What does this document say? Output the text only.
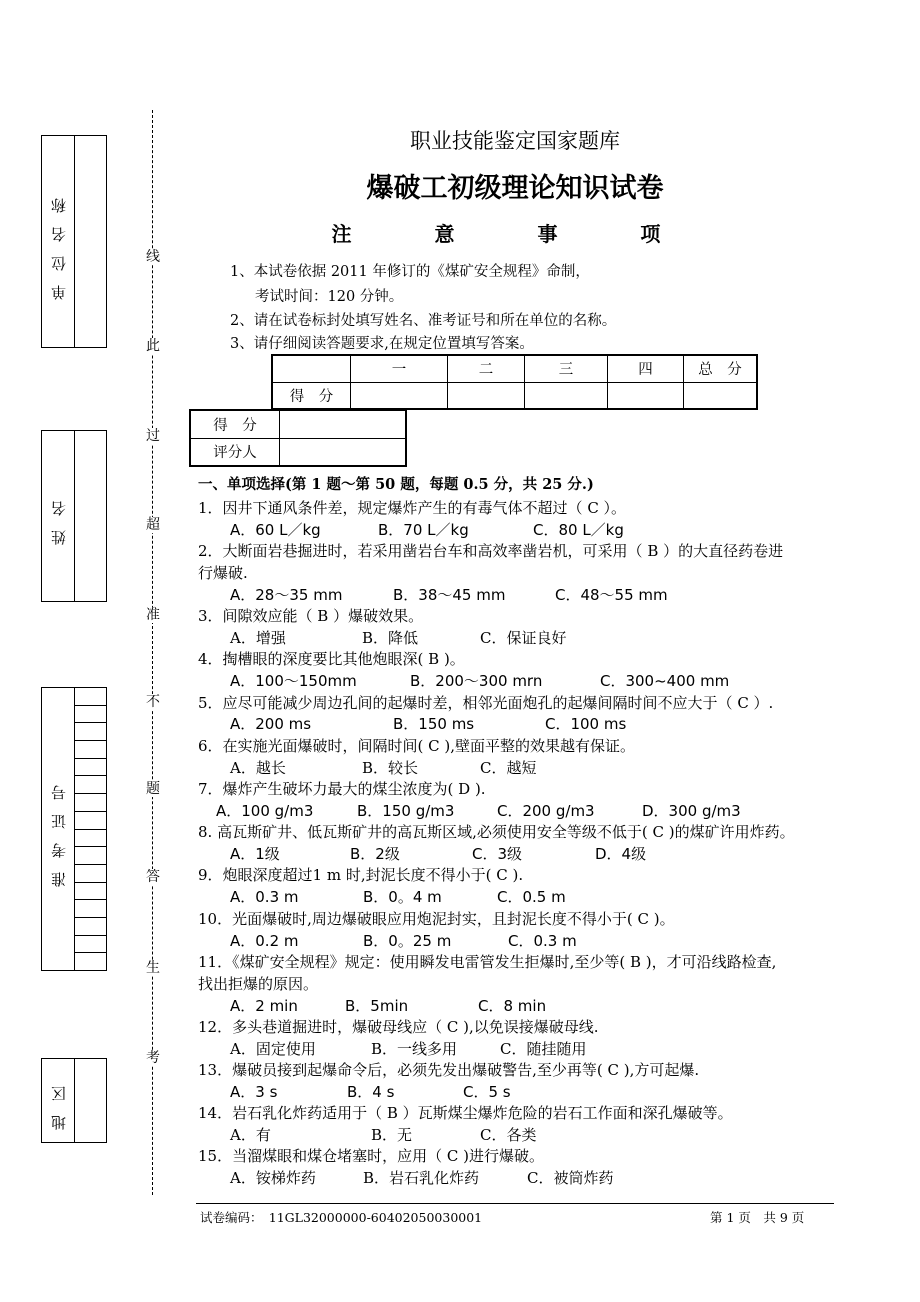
单位名称
姓名
准考证号
地区
线
此
过
超
准
不
题
答
生
考
职业技能鉴定国家题库
爆破工初级理论知识试卷
注 意 事 项
1、本试卷依据 2011 年修订的《煤矿安全规程》命制，
考试时间：120 分钟。
2、请在试卷标封处填写姓名、准考证号和所在单位的名称。
3、请仔细阅读答题要求,在规定位置填写答案。
	一	二	三	四	总　分
得　分					
得　分	
评分人	
一、单项选择(第 1 题～第 50 题，每题 0.5 分，共 25 分.)
1．因井下通风条件差，规定爆炸产生的有毒气体不超过（ C ）。
A．60 L／kg	B．70 L／kg	C．80 L／kg
2．大断面岩巷掘进时，若采用凿岩台车和高效率凿岩机，可采用（ B ）的大直径药卷进
行爆破.
A．28～35 mm	B．38～45 mm	C．48～55 mm
3．间隙效应能（ B ）爆破效果。
A．增强	B．降低	C．保证良好
4．掏槽眼的深度要比其他炮眼深( B )。
A．100～150mm	B．200～300 mrn	C．300~400 mm
5．应尽可能减少周边孔间的起爆时差，相邻光面炮孔的起爆间隔时间不应大于（ C ）.
A．200 ms	B．150 ms	C．100 ms
6．在实施光面爆破时，间隔时间( C ),壁面平整的效果越有保证。
A．越长	B．较长	C．越短
7．爆炸产生破坏力最大的煤尘浓度为( D ).
A．100 g/m3	B．150 g/m3	C．200 g/m3	D．300 g/m3
8. 高瓦斯矿井、低瓦斯矿井的高瓦斯区域,必须使用安全等级不低于( C )的煤矿许用炸药。
A．1级	B．2级	C．3级	D．4级
9．炮眼深度超过1 m 时,封泥长度不得小于( C ).
A．0.3 m	B．0。4 m	C．0.5 m
10．光面爆破时,周边爆破眼应用炮泥封实，且封泥长度不得小于( C )。
A．0.2 m	B．0。25 m	C．0.3 m
11．《煤矿安全规程》规定：使用瞬发电雷管发生拒爆时,至少等( B )，才可沿线路检查,
找出拒爆的原因。
A．2 min	B．5min	C．8 min
12．多头巷道掘进时，爆破母线应（ C ),以免误接爆破母线.
A．固定使用	B．一线多用	C．随挂随用
13．爆破员接到起爆命令后，必须先发出爆破警告,至少再等( C ),方可起爆.
A．3 s	B．4 s	C．5 s
14．岩石乳化炸药适用于（ B ）瓦斯煤尘爆炸危险的岩石工作面和深孔爆破等。
A．有	B．无	C．各类
15．当溜煤眼和煤仓堵塞时，应用（ C )进行爆破。
A．铵梯炸药	B．岩石乳化炸药	C．被筒炸药
试卷编码：　11GL32000000-60402050030001	第 1 页　共 9 页
